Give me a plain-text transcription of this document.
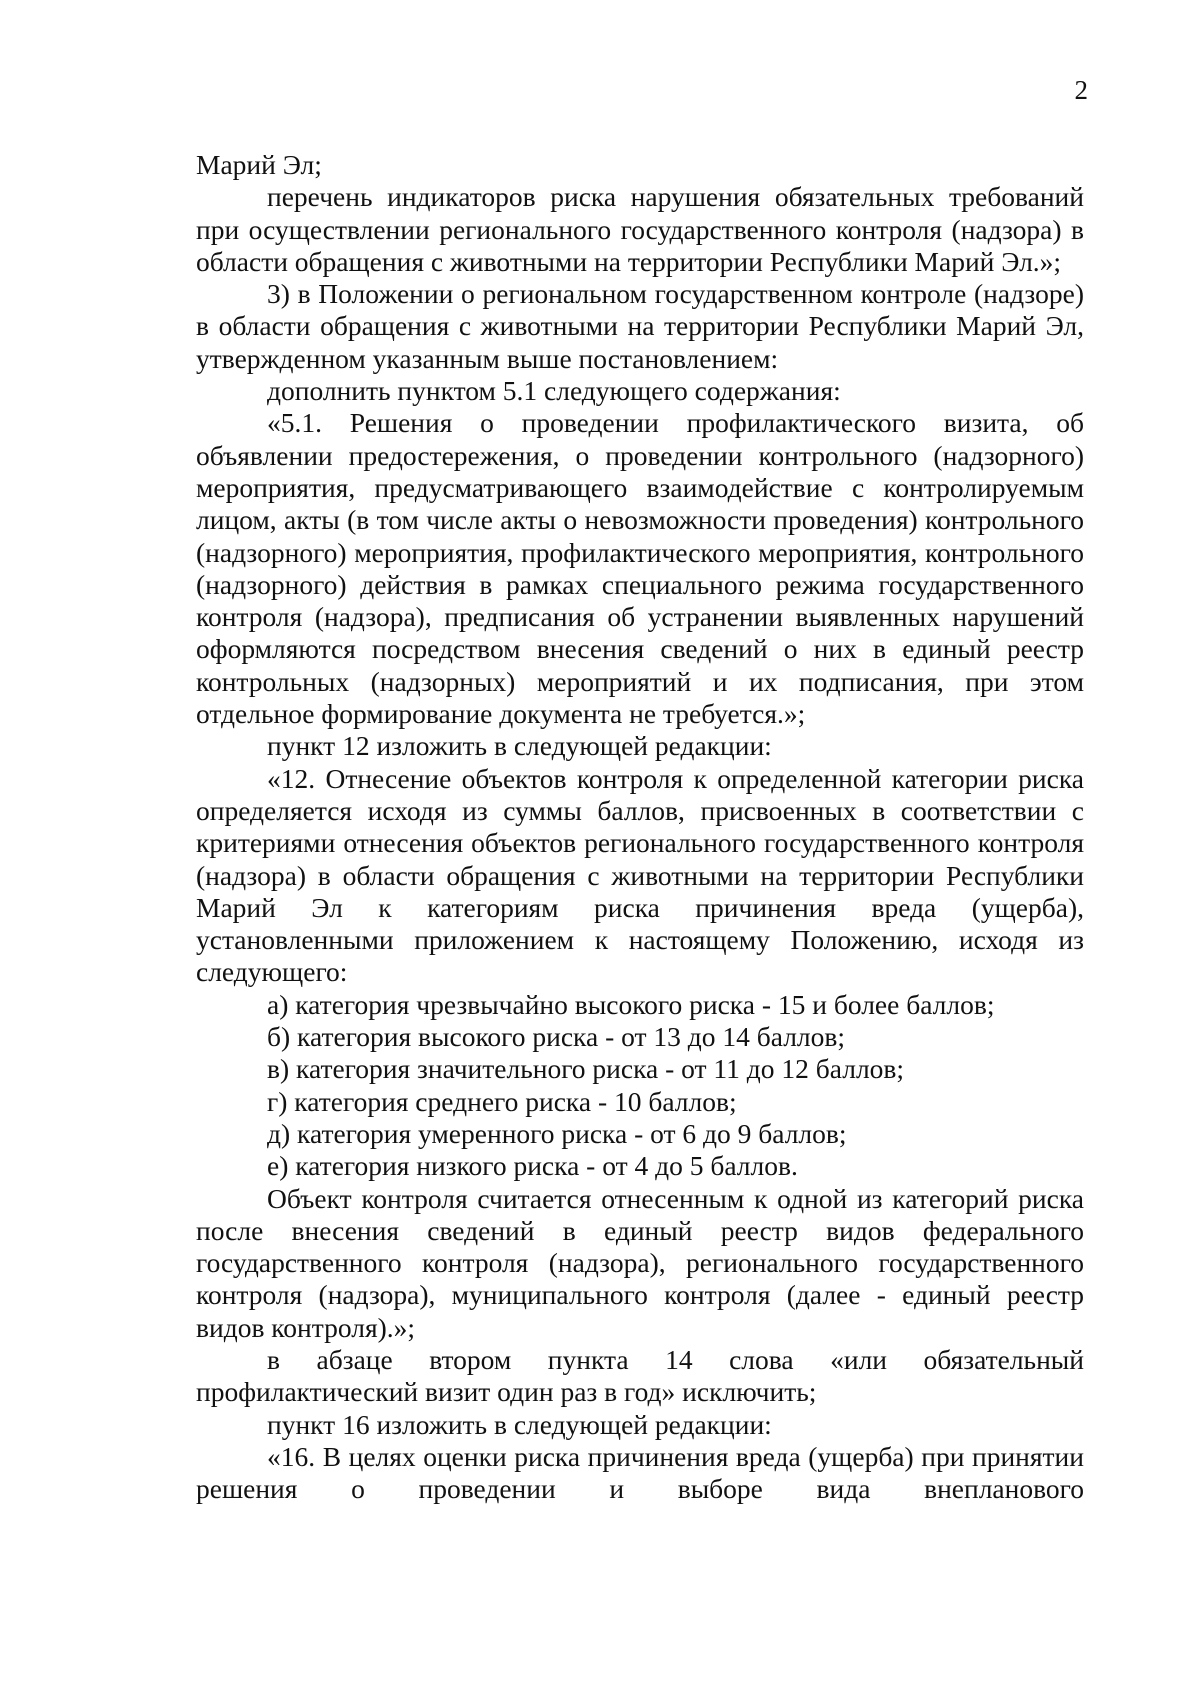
2

Марий Эл;

перечень индикаторов риска нарушения обязательных требований при осуществлении регионального государственного контроля (надзора) в области обращения с животными на территории Республики Марий Эл.»;

3) в Положении о региональном государственном контроле (надзоре) в области обращения с животными на территории Республики Марий Эл, утвержденном указанным выше постановлением:

дополнить пунктом 5.1 следующего содержания:

«5.1. Решения о проведении профилактического визита, об объявлении предостережения, о проведении контрольного (надзорного) мероприятия, предусматривающего взаимодействие с контролируемым лицом, акты (в том числе акты о невозможности проведения) контрольного (надзорного) мероприятия, профилактического мероприятия, контрольного (надзорного) действия в рамках специального режима государственного контроля (надзора), предписания об устранении выявленных нарушений оформляются посредством внесения сведений о них в единый реестр контрольных (надзорных) мероприятий и их подписания, при этом отдельное формирование документа не требуется.»;

пункт 12 изложить в следующей редакции:

«12. Отнесение объектов контроля к определенной категории риска определяется исходя из суммы баллов, присвоенных в соответствии с критериями отнесения объектов регионального государственного контроля (надзора) в области обращения с животными на территории Республики Марий Эл к категориям риска причинения вреда (ущерба), установленными приложением к настоящему Положению, исходя из следующего:

а) категория чрезвычайно высокого риска - 15 и более баллов;

б) категория высокого риска - от 13 до 14 баллов;

в) категория значительного риска - от 11 до 12 баллов;

г) категория среднего риска - 10 баллов;

д) категория умеренного риска - от 6 до 9 баллов;

е) категория низкого риска - от 4 до 5 баллов.

Объект контроля считается отнесенным к одной из категорий риска после внесения сведений в единый реестр видов федерального государственного контроля (надзора), регионального государственного контроля (надзора), муниципального контроля (далее - единый реестр видов контроля).»;

в абзаце втором пункта 14 слова «или обязательный профилактический визит один раз в год» исключить;

пункт 16 изложить в следующей редакции:

«16. В целях оценки риска причинения вреда (ущерба) при принятии решения о проведении и выборе вида внепланового
